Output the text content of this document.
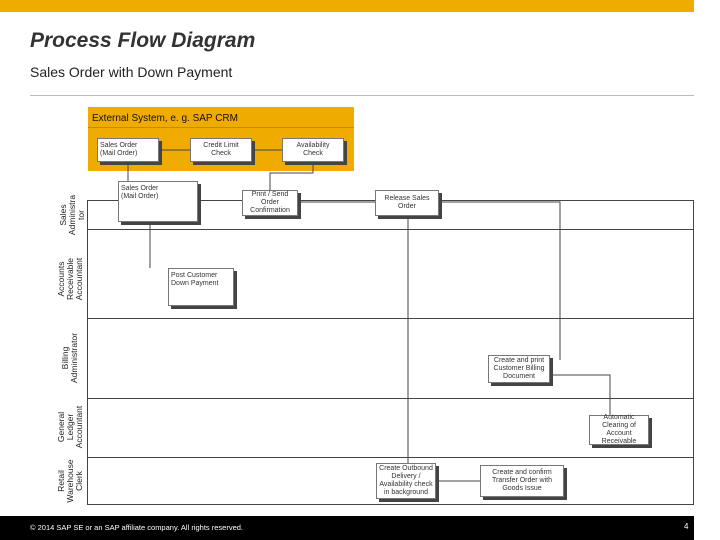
Process Flow Diagram
Sales Order with Down Payment
External System, e. g. SAP CRM
Sales Order
(Mail Order)
Credit Limit
Check
Availability
Check
Sales
Administra
tor
Accounts
Receivable
Accountant
Billing
Administrator
General
Ledger
Accountant
Retail
Warehouse
Clerk
Sales Order
(Mail Order)	Print / Send
Order
Confirmation
Release Sales
Order
Post Customer
Down Payment
Create and print
Customer Billing
Document
Automatic
Clearing of
Account
Receivable
Create Outbound
Delivery /
Availability check
in background
Create and confirm
Transfer Order with
Goods Issue
© 2014 SAP SE or an SAP affiliate company. All rights reserved.	4
